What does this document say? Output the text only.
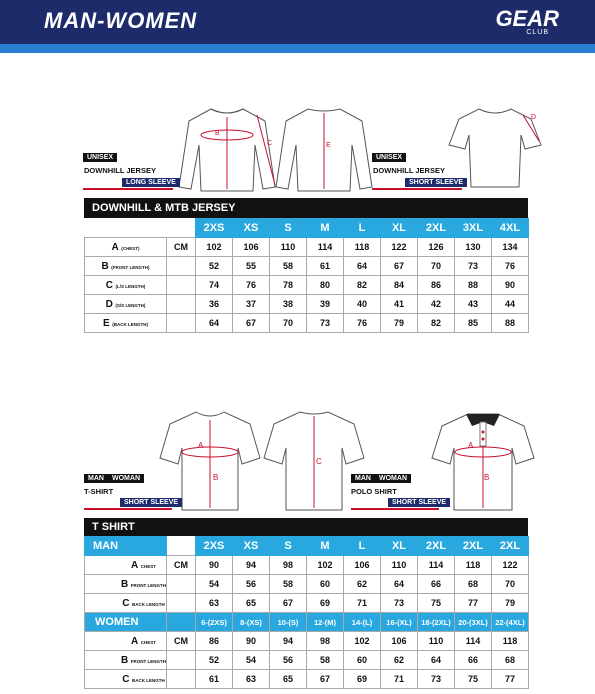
MAN-WOMEN	GEAR
CLUB
B
C	E
D
UNISEX
DOWNHILL JERSEY
LONG SLEEVE
UNISEX
DOWNHILL JERSEY
SHORT SLEEVE
DOWNHILL & MTB JERSEY
		2XS	XS	S	M	L	XL	2XL	3XL	4XL
A (CHEST)	CM	102	106	110	114	118	122	126	130	134
B (FRONT LENGTH)		52	55	58	61	64	67	70	73	76
C (L/S LENGTH)		74	76	78	80	82	84	86	88	90
D (S/S LENGTH)		36	37	38	39	40	41	42	43	44
E (BACK LENGTH)		64	67	70	73	76	79	82	85	88
A
B
C
A
B
MAN	WOMAN
T-SHIRT
SHORT SLEEVE
MAN	WOMAN
POLO SHIRT
SHORT SLEEVE
T SHIRT
MAN		2XS	XS	S	M	L	XL	2XL	2XL	2XL
A CHEST	CM	90	94	98	102	106	110	114	118	122
B FRONT LENGTH		54	56	58	60	62	64	66	68	70
C BACK LENGTH		63	65	67	69	71	73	75	77	79
WOMEN		6-(2XS)	8-(XS)	10-(S)	12-(M)	14-(L)	16-(XL)	18-(2XL)	20-(3XL)	22-(4XL)
A CHEST	CM	86	90	94	98	102	106	110	114	118
B FRONT LENGTH		52	54	56	58	60	62	64	66	68
C BACK LENGTH		61	63	65	67	69	71	73	75	77
